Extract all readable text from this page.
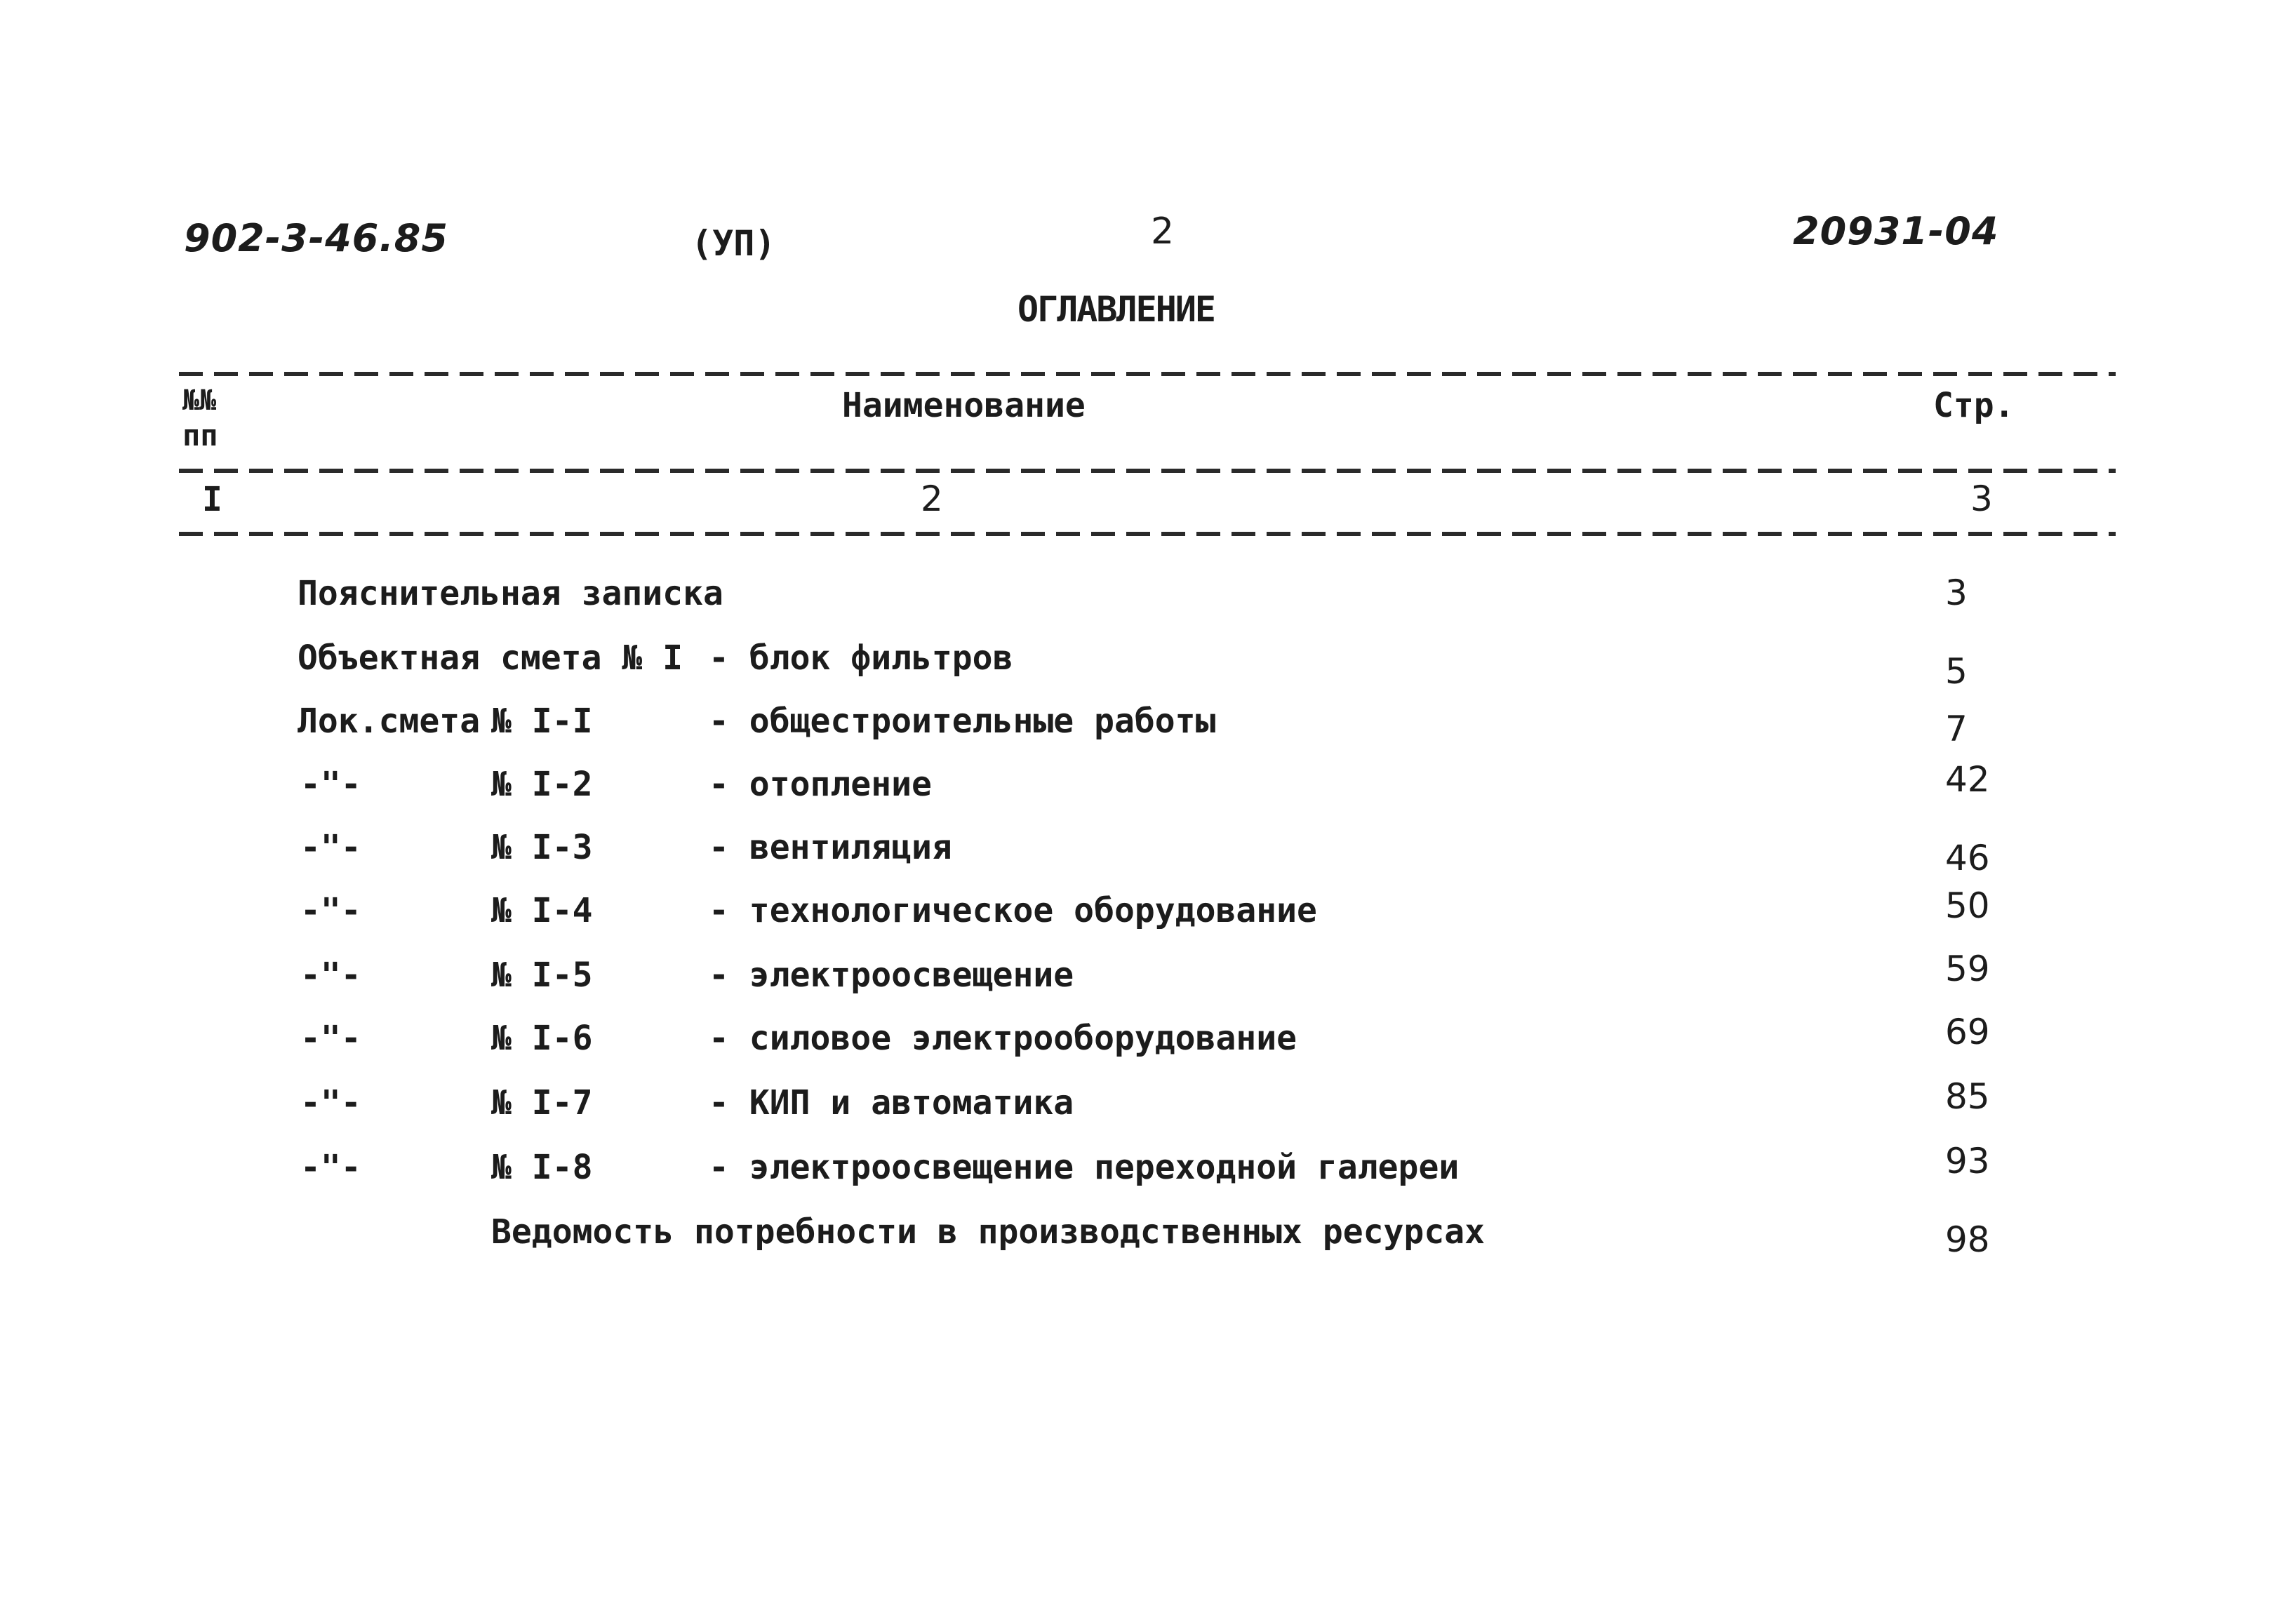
902-3-46.85	(УП)	2	20931-04
ОГЛАВЛЕНИЕ
№№
пп
Наименование	Стр.
I	2	3
Пояснительная записка	3
Объектная смета № I - блок фильтров	5
Лок.смета № I-I	- общестроительные работы	7
-"-	№ I-2	- отопление	42
-"-	№ I-3	- вентиляция	46
-"-	№ I-4	- технологическое оборудование	50
-"-	№ I-5	- электроосвещение	59
-"-	№ I-6	- силовое электрооборудование	69
-"-	№ I-7	- КИП и автоматика	85
-"-	№ I-8	- электроосвещение переходной галереи	93
Ведомость потребности в производственных ресурсах	98
